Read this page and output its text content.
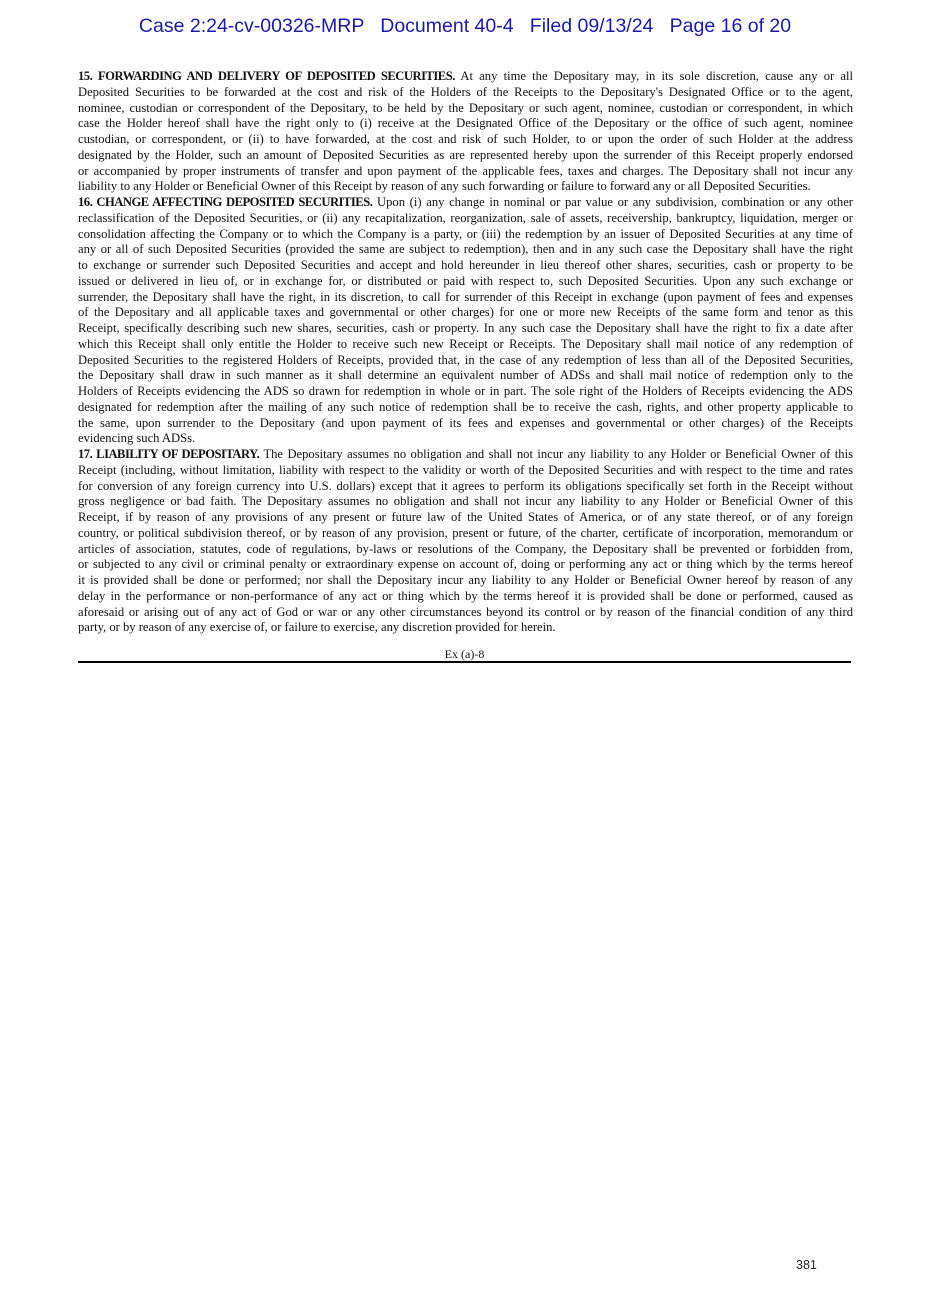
Case 2:24-cv-00326-MRP   Document 40-4   Filed 09/13/24   Page 16 of 20
15. FORWARDING AND DELIVERY OF DEPOSITED SECURITIES. At any time the Depositary may, in its sole discretion, cause any or all
Deposited Securities to be forwarded at the cost and risk of the Holders of the Receipts to the Depositary's Designated Office or to the agent,
nominee, custodian or correspondent of the Depositary, to be held by the Depositary or such agent, nominee, custodian or correspondent, in which
case the Holder hereof shall have the right only to (i) receive at the Designated Office of the Depositary or the office of such agent, nominee
custodian, or correspondent, or (ii) to have forwarded, at the cost and risk of such Holder, to or upon the order of such Holder at the address
designated by the Holder, such an amount of Deposited Securities as are represented hereby upon the surrender of this Receipt properly endorsed
or accompanied by proper instruments of transfer and upon payment of the applicable fees, taxes and charges. The Depositary shall not incur any
liability to any Holder or Beneficial Owner of this Receipt by reason of any such forwarding or failure to forward any or all Deposited Securities.
16. CHANGE AFFECTING DEPOSITED SECURITIES. Upon (i) any change in nominal or par value or any subdivision, combination or any other
reclassification of the Deposited Securities, or (ii) any recapitalization, reorganization, sale of assets, receivership, bankruptcy, liquidation, merger or
consolidation affecting the Company or to which the Company is a party, or (iii) the redemption by an issuer of Deposited Securities at any time of
any or all of such Deposited Securities (provided the same are subject to redemption), then and in any such case the Depositary shall have the right
to exchange or surrender such Deposited Securities and accept and hold hereunder in lieu thereof other shares, securities, cash or property to be
issued or delivered in lieu of, or in exchange for, or distributed or paid with respect to, such Deposited Securities. Upon any such exchange or
surrender, the Depositary shall have the right, in its discretion, to call for surrender of this Receipt in exchange (upon payment of fees and expenses
of the Depositary and all applicable taxes and governmental or other charges) for one or more new Receipts of the same form and tenor as this
Receipt, specifically describing such new shares, securities, cash or property. In any such case the Depositary shall have the right to fix a date after
which this Receipt shall only entitle the Holder to receive such new Receipt or Receipts. The Depositary shall mail notice of any redemption of
Deposited Securities to the registered Holders of Receipts, provided that, in the case of any redemption of less than all of the Deposited Securities,
the Depositary shall draw in such manner as it shall determine an equivalent number of ADSs and shall mail notice of redemption only to the
Holders of Receipts evidencing the ADS so drawn for redemption in whole or in part. The sole right of the Holders of Receipts evidencing the ADS
designated for redemption after the mailing of any such notice of redemption shall be to receive the cash, rights, and other property applicable to
the same, upon surrender to the Depositary (and upon payment of its fees and expenses and governmental or other charges) of the Receipts
evidencing such ADSs.
17. LIABILITY OF DEPOSITARY. The Depositary assumes no obligation and shall not incur any liability to any Holder or Beneficial Owner of this
Receipt (including, without limitation, liability with respect to the validity or worth of the Deposited Securities and with respect to the time and rates
for conversion of any foreign currency into U.S. dollars) except that it agrees to perform its obligations specifically set forth in the Receipt without
gross negligence or bad faith. The Depositary assumes no obligation and shall not incur any liability to any Holder or Beneficial Owner of this
Receipt, if by reason of any provisions of any present or future law of the United States of America, or of any state thereof, or of any foreign
country, or political subdivision thereof, or by reason of any provision, present or future, of the charter, certificate of incorporation, memorandum or
articles of association, statutes, code of regulations, by-laws or resolutions of the Company, the Depositary shall be prevented or forbidden from,
or subjected to any civil or criminal penalty or extraordinary expense on account of, doing or performing any act or thing which by the terms hereof
it is provided shall be done or performed; nor shall the Depositary incur any liability to any Holder or Beneficial Owner hereof by reason of any
delay in the performance or non-performance of any act or thing which by the terms hereof it is provided shall be done or performed, caused as
aforesaid or arising out of any act of God or war or any other circumstances beyond its control or by reason of the financial condition of any third
party, or by reason of any exercise of, or failure to exercise, any discretion provided for herein.
Ex (a)-8
381
